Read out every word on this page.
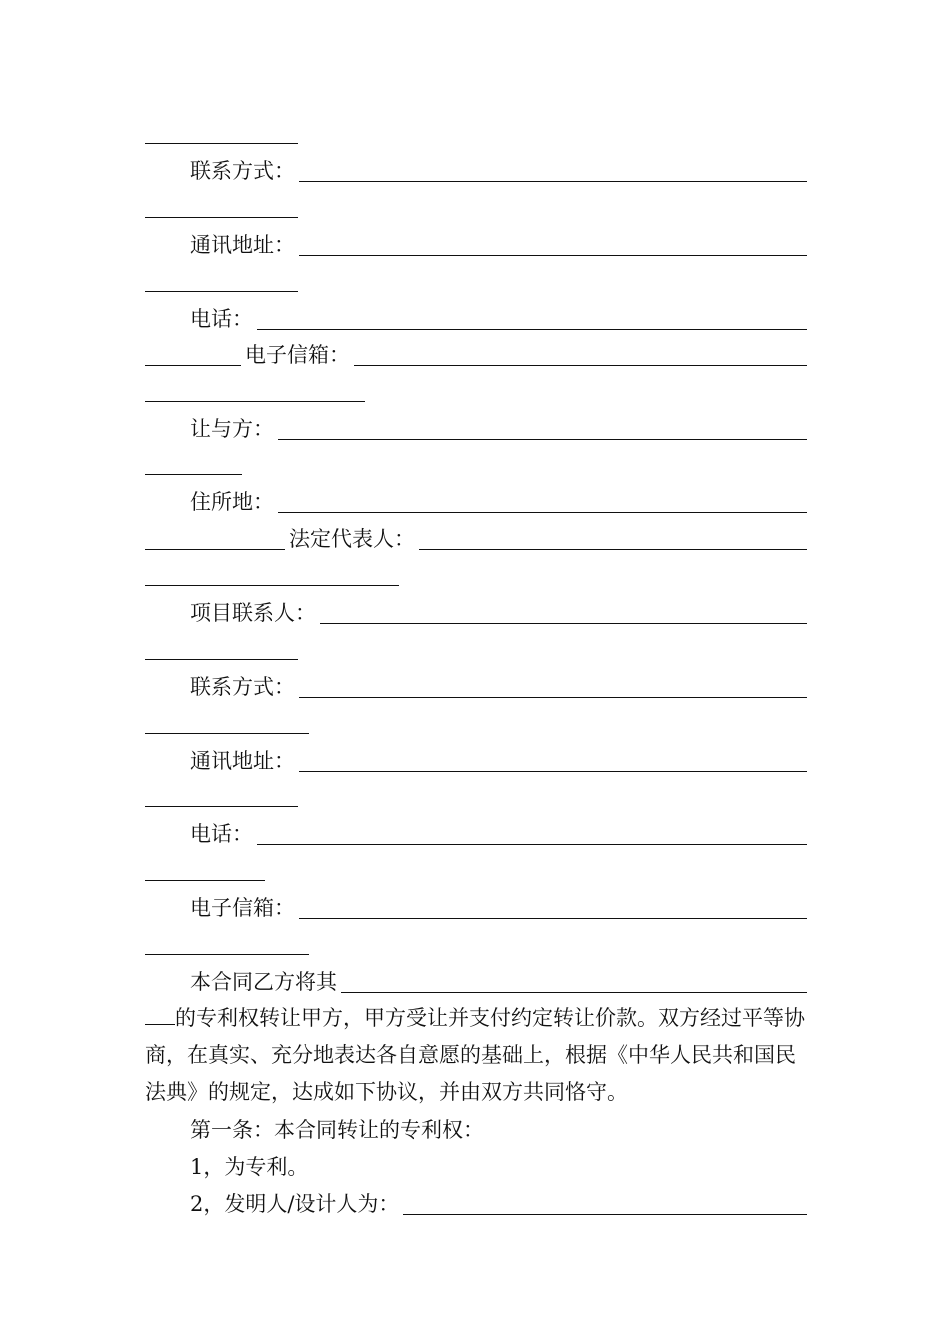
联系方式：
通讯地址：
电话：
电子信箱：
让与方：
住所地：
法定代表人：
项目联系人：
联系方式：
通讯地址：
电话：
电子信箱：
本合同乙方将其
的专利权转让甲方，甲方受让并支付约定转让价款。双方经过平等协商，在真实、充分地表达各自意愿的基础上，根据《中华人民共和国民法典》的规定，达成如下协议，并由双方共同恪守。
第一条：本合同转让的专利权：
1，为专利。
2，发明人/设计人为：
